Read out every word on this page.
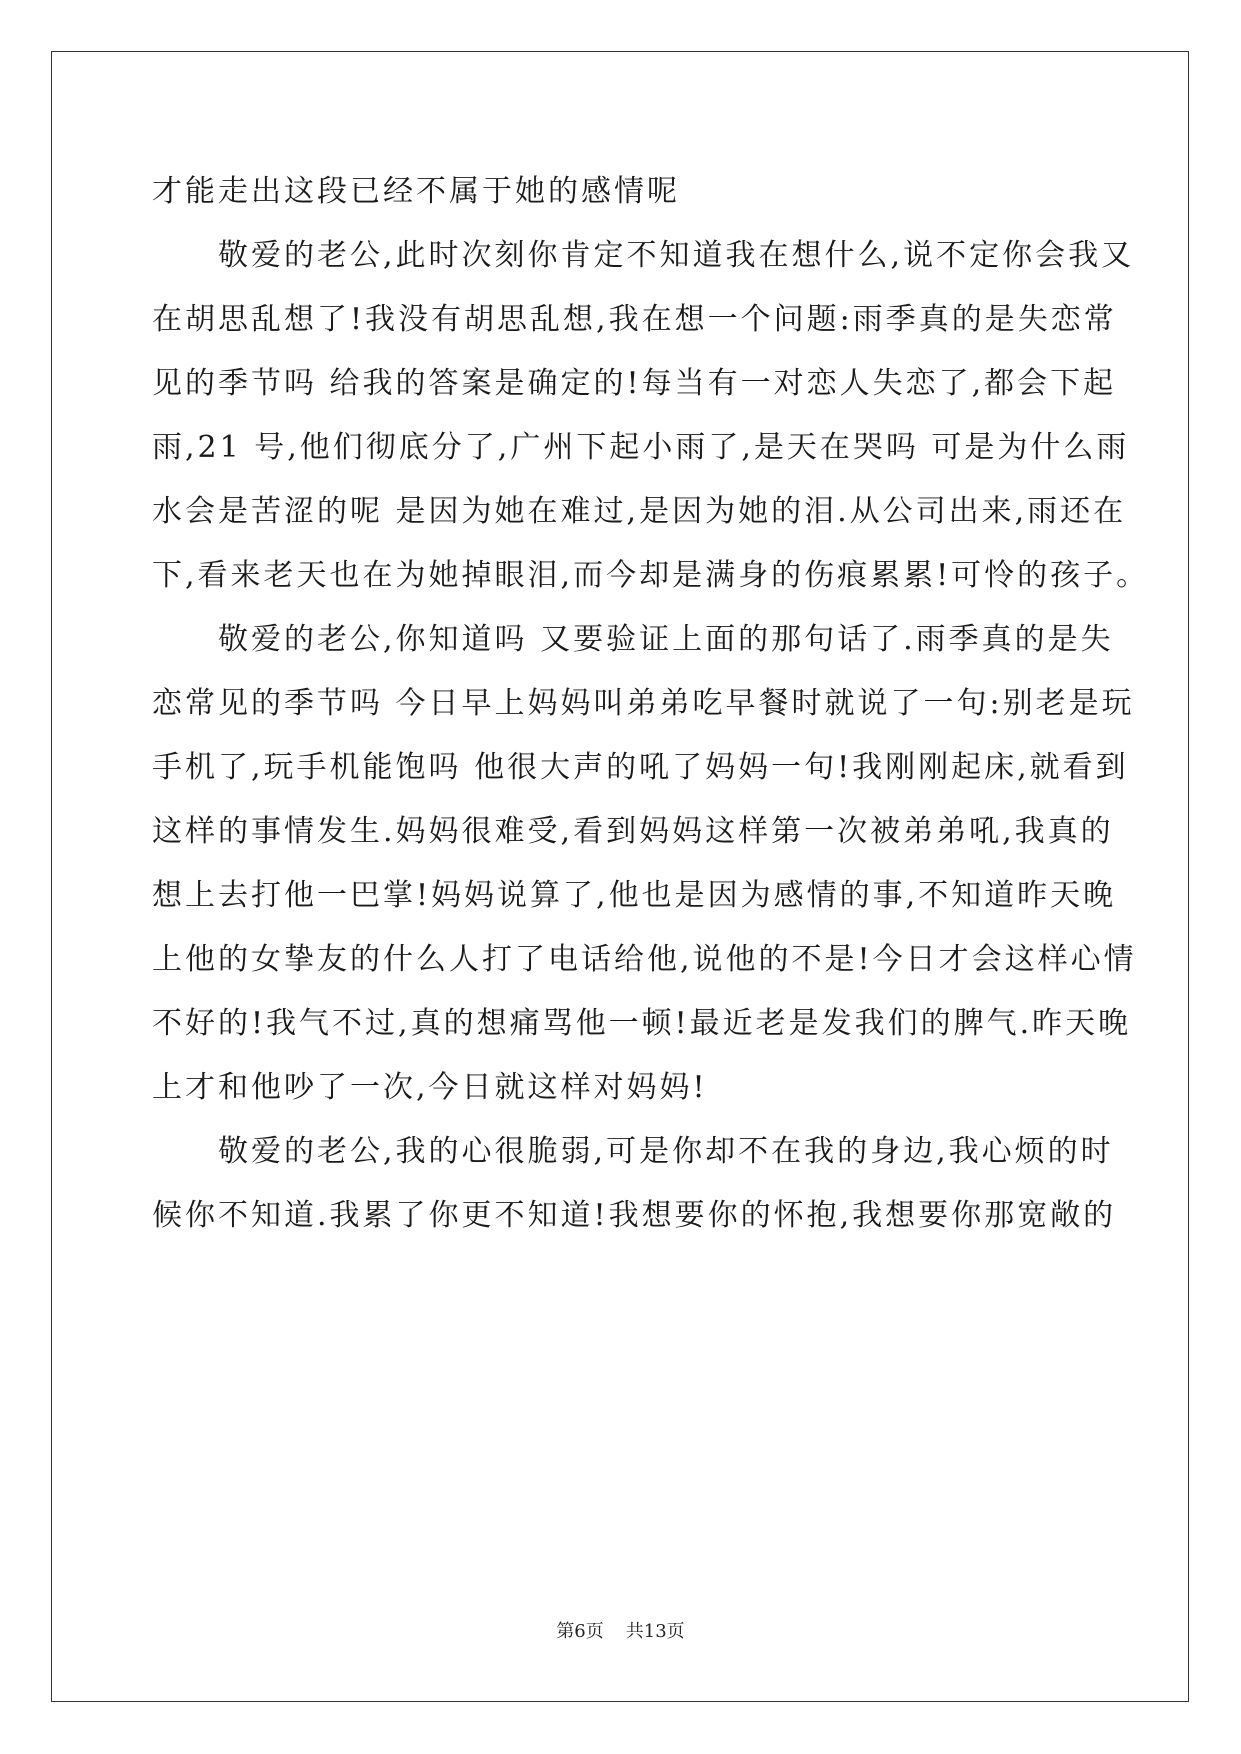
才能走出这段已经不属于她的感情呢
敬爱的老公,此时次刻你肯定不知道我在想什么,说不定你会我又
在胡思乱想了!我没有胡思乱想,我在想一个问题:雨季真的是失恋常
见的季节吗 给我的答案是确定的!每当有一对恋人失恋了,都会下起
雨,21 号,他们彻底分了,广州下起小雨了,是天在哭吗 可是为什么雨
水会是苦涩的呢 是因为她在难过,是因为她的泪.从公司出来,雨还在
下,看来老天也在为她掉眼泪,而今却是满身的伤痕累累!可怜的孩子。
敬爱的老公,你知道吗 又要验证上面的那句话了.雨季真的是失
恋常见的季节吗 今日早上妈妈叫弟弟吃早餐时就说了一句:别老是玩
手机了,玩手机能饱吗 他很大声的吼了妈妈一句!我刚刚起床,就看到
这样的事情发生.妈妈很难受,看到妈妈这样第一次被弟弟吼,我真的
想上去打他一巴掌!妈妈说算了,他也是因为感情的事,不知道昨天晚
上他的女挚友的什么人打了电话给他,说他的不是!今日才会这样心情
不好的!我气不过,真的想痛骂他一顿!最近老是发我们的脾气.昨天晚
上才和他吵了一次,今日就这样对妈妈!
敬爱的老公,我的心很脆弱,可是你却不在我的身边,我心烦的时
候你不知道.我累了你更不知道!我想要你的怀抱,我想要你那宽敞的
第6页 共13页
